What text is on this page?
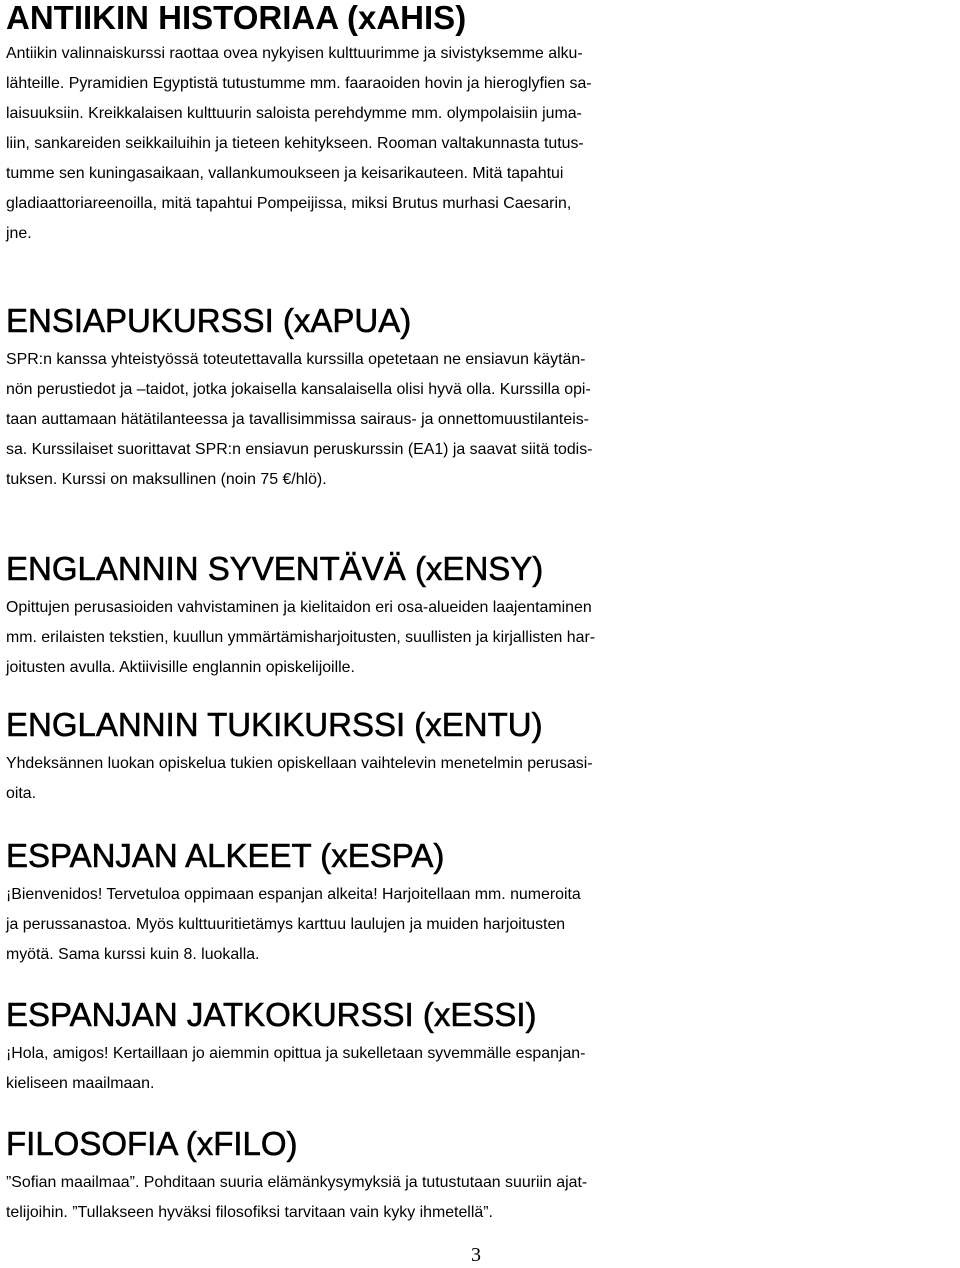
ANTIIKIN HISTORIAA (xAHIS)

Antiikin valinnaiskurssi raottaa ovea nykyisen kulttuurimme ja sivistyksemme alku-
lähteille. Pyramidien Egyptistä tutustumme mm. faaraoiden hovin ja hieroglyfien sa-
laisuuksiin. Kreikkalaisen kulttuurin saloista perehdymme mm. olympolaisiin juma-
liin, sankareiden seikkailuihin ja tieteen kehitykseen. Rooman valtakunnasta tutus-
tumme sen kuningasaikaan, vallankumoukseen ja keisarikauteen. Mitä tapahtui
gladiaattoriareenoilla, mitä tapahtui Pompeijissa, miksi Brutus murhasi Caesarin,
jne.

ENSIAPUKURSSI (xAPUA)

SPR:n kanssa yhteistyössä toteutettavalla kurssilla opetetaan ne ensiavun käytän-
nön perustiedot ja –taidot, jotka jokaisella kansalaisella olisi hyvä olla. Kurssilla opi-
taan auttamaan hätätilanteessa ja tavallisimmissa sairaus- ja onnettomuustilanteis-
sa. Kurssilaiset suorittavat SPR:n ensiavun peruskurssin (EA1) ja saavat siitä todis-
tuksen. Kurssi on maksullinen (noin 75 €/hlö).

ENGLANNIN SYVENTÄVÄ (xENSY)

Opittujen perusasioiden vahvistaminen ja kielitaidon eri osa-alueiden laajentaminen
mm. erilaisten tekstien, kuullun ymmärtämisharjoitusten, suullisten ja kirjallisten har-
joitusten avulla. Aktiivisille englannin opiskelijoille.

ENGLANNIN TUKIKURSSI (xENTU)

Yhdeksännen luokan opiskelua tukien opiskellaan vaihtelevin menetelmin perusasi-
oita.

ESPANJAN ALKEET (xESPA)

¡Bienvenidos! Tervetuloa oppimaan espanjan alkeita! Harjoitellaan mm. numeroita
ja perussanastoa. Myös kulttuuritietämys karttuu laulujen ja muiden harjoitusten
myötä. Sama kurssi kuin 8. luokalla.

ESPANJAN JATKOKURSSI (xESSI)

¡Hola, amigos! Kertaillaan jo aiemmin opittua ja sukelletaan syvemmälle espanjan-
kieliseen maailmaan.

FILOSOFIA (xFILO)

”Sofian maailmaa”. Pohditaan suuria elämänkysymyksiä ja tutustutaan suuriin ajat-
telijoihin. ”Tullakseen hyväksi filosofiksi tarvitaan vain kyky ihmetellä”.

3
